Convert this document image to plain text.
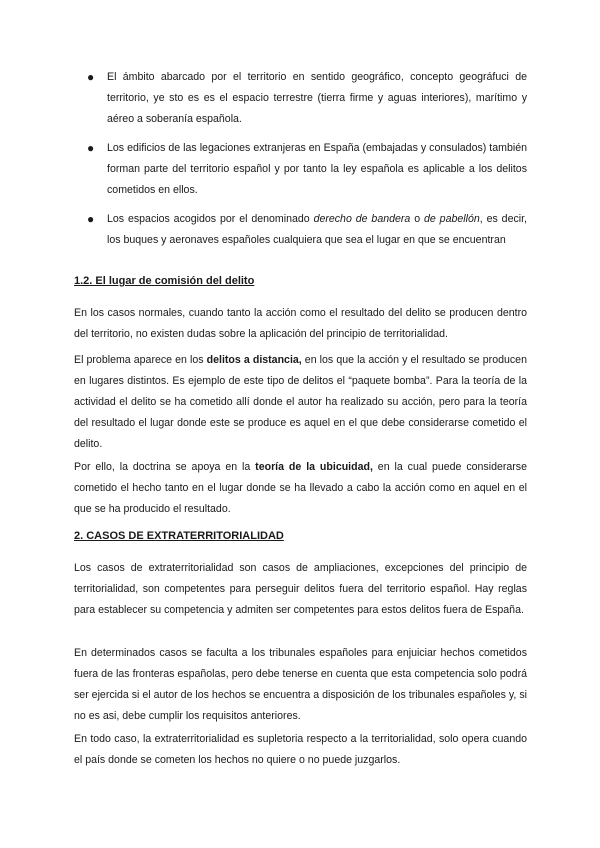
● El ámbito abarcado por el territorio en sentido geográfico, concepto geográfuci de territorio, ye sto es es el espacio terrestre (tierra firme y aguas interiores), marítimo y aéreo a soberanía española.
● Los edificios de las legaciones extranjeras en España (embajadas y consulados) también forman parte del territorio español y por tanto la ley española es aplicable a los delitos cometidos en ellos.
● Los espacios acogidos por el denominado derecho de bandera o de pabellón, es decir, los buques y aeronaves españoles cualquiera que sea el lugar en que se encuentran
1.2. El lugar de comisión del delito

En los casos normales, cuando tanto la acción como el resultado del delito se producen dentro del territorio, no existen dudas sobre la aplicación del principio de territorialidad.

El problema aparece en los delitos a distancia, en los que la acción y el resultado se producen en lugares distintos. Es ejemplo de este tipo de delitos el “paquete bomba”. Para la teoría de la actividad el delito se ha cometido allí donde el autor ha realizado su acción, pero para la teoría del resultado el lugar donde este se produce es aquel en el que debe considerarse cometido el delito.

Por ello, la doctrina se apoya en la teoría de la ubicuidad, en la cual puede considerarse cometido el hecho tanto en el lugar donde se ha llevado a cabo la acción como en aquel en el que se ha producido el resultado.

2. CASOS DE EXTRATERRITORIALIDAD

Los casos de extraterritorialidad son casos de ampliaciones, excepciones del principio de territorialidad, son competentes para perseguir delitos fuera del territorio español. Hay reglas para establecer su competencia y admiten ser competentes para estos delitos fuera de España.

En determinados casos se faculta a los tribunales españoles para enjuiciar hechos cometidos fuera de las fronteras españolas, pero debe tenerse en cuenta que esta competencia solo podrá ser ejercida si el autor de los hechos se encuentra a disposición de los tribunales españoles y, si no es asi, debe cumplir los requisitos anteriores.

En todo caso, la extraterritorialidad es supletoria respecto a la territorialidad, solo opera cuando el país donde se cometen los hechos no quiere o no puede juzgarlos.
